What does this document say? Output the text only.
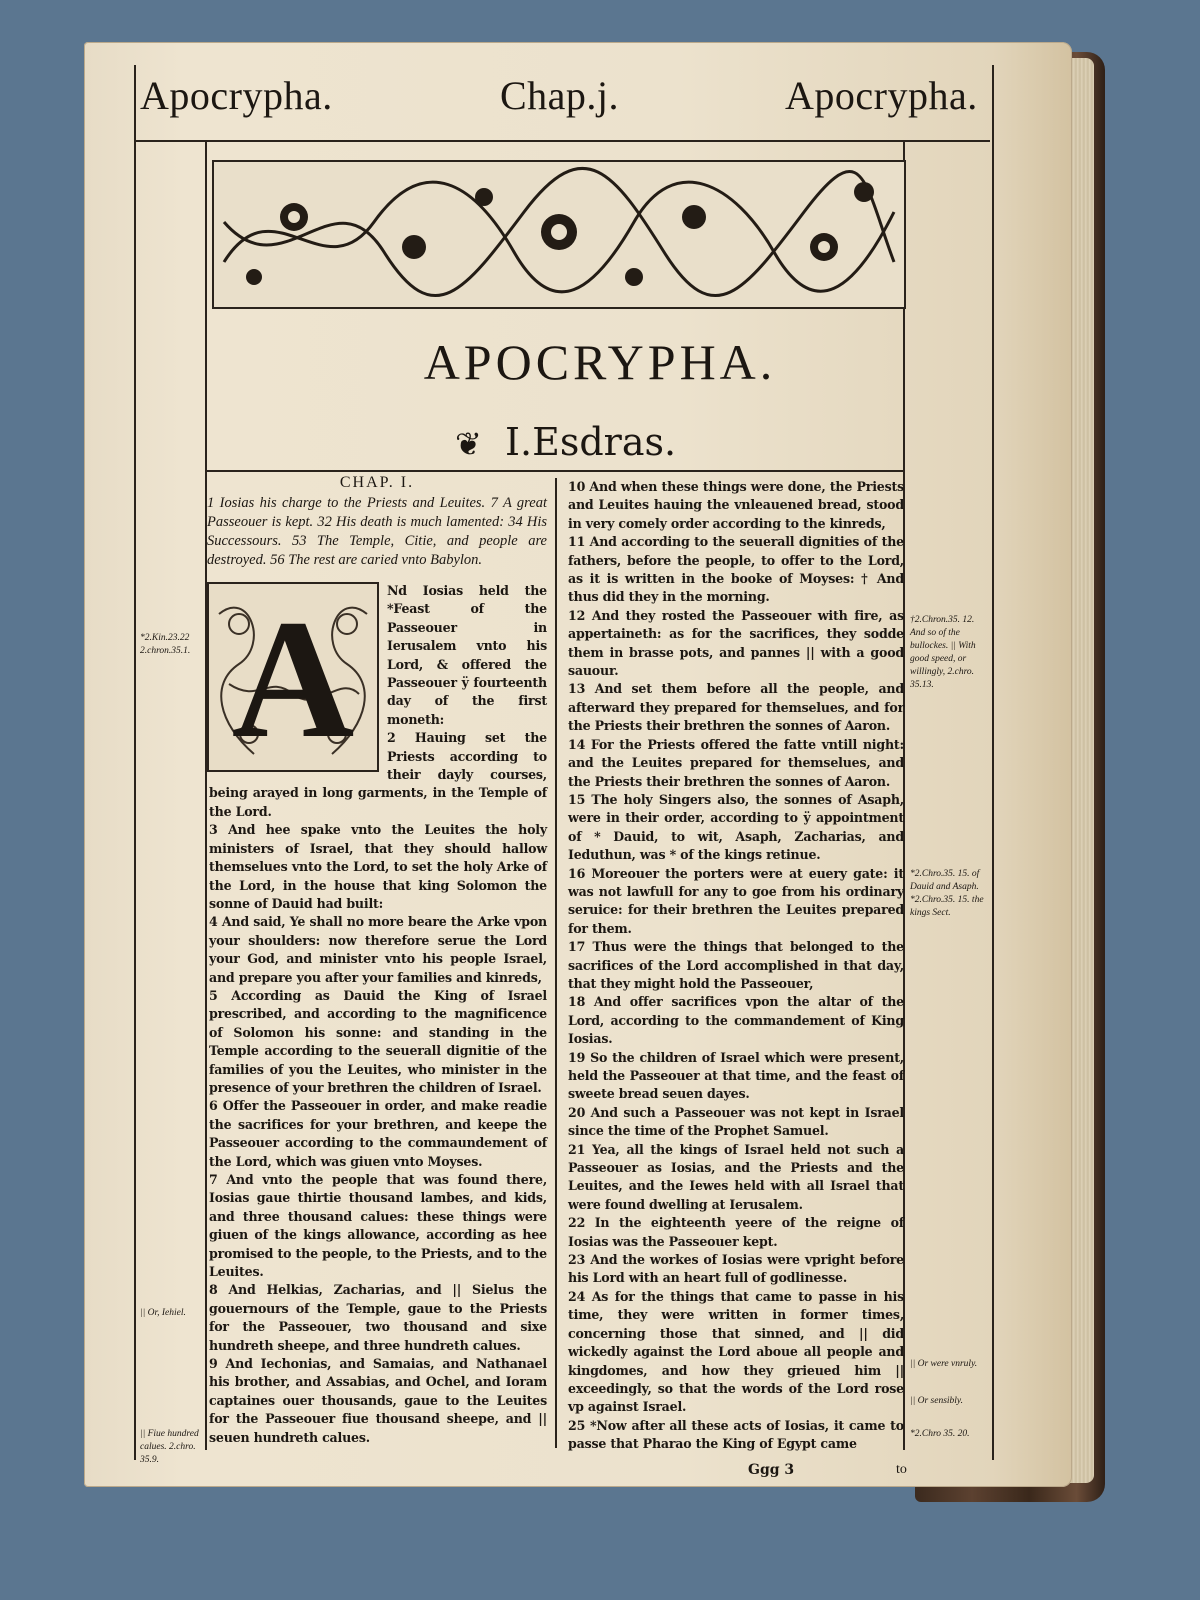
Apocrypha.	Chap.j.	Apocrypha.
APOCRYPHA.
❦ I.Esdras.
CHAP. I.

1 Iosias his charge to the Priests and Leuites. 7 A great Passeouer is kept. 32 His death is much lamented: 34 His Successours. 53 The Temple, Citie, and people are destroyed. 56 The rest are caried vnto Babylon.

A	Nd Iosias held the *Feast of the Passeouer in Ierusalem vnto his Lord, & offered the Passeouer ÿ fourteenth day of the first moneth:

2 Hauing set the Priests according to their dayly courses, being arayed in long garments, in the Temple of the Lord.

3 And hee spake vnto the Leuites the holy ministers of Israel, that they should hallow themselues vnto the Lord, to set the holy Arke of the Lord, in the house that king Solomon the sonne of Dauid had built:

4 And said, Ye shall no more beare the Arke vpon your shoulders: now therefore serue the Lord your God, and minister vnto his people Israel, and prepare you after your families and kinreds,

5 According as Dauid the King of Israel prescribed, and according to the magnificence of Solomon his sonne: and standing in the Temple according to the seuerall dignitie of the families of you the Leuites, who minister in the presence of your brethren the children of Israel.

6 Offer the Passeouer in order, and make readie the sacrifices for your brethren, and keepe the Passeouer according to the commaundement of the Lord, which was giuen vnto Moyses.

7 And vnto the people that was found there, Iosias gaue thirtie thousand lambes, and kids, and three thousand calues: these things were giuen of the kings allowance, according as hee promised to the people, to the Priests, and to the Leuites.

8 And Helkias, Zacharias, and || Sielus the gouernours of the Temple, gaue to the Priests for the Passeouer, two thousand and sixe hundreth sheepe, and three hundreth calues.

9 And Iechonias, and Samaias, and Nathanael his brother, and Assabias, and Ochel, and Ioram captaines ouer thousands, gaue to the Leuites for the Passeouer fiue thousand sheepe, and || seuen hundreth calues.

10 And when these things were done, the Priests and Leuites hauing the vnleauened bread, stood in very comely order according to the kinreds,

11 And according to the seuerall dignities of the fathers, before the people, to offer to the Lord, as it is written in the booke of Moyses: † And thus did they in the morning.

12 And they rosted the Passeouer with fire, as appertaineth: as for the sacrifices, they sodde them in brasse pots, and pannes || with a good sauour.

13 And set them before all the people, and afterward they prepared for themselues, and for the Priests their brethren the sonnes of Aaron.

14 For the Priests offered the fatte vntill night: and the Leuites prepared for themselues, and the Priests their brethren the sonnes of Aaron.

15 The holy Singers also, the sonnes of Asaph, were in their order, according to ÿ appointment of * Dauid, to wit, Asaph, Zacharias, and Ieduthun, was * of the kings retinue.

16 Moreouer the porters were at euery gate: it was not lawfull for any to goe from his ordinary seruice: for their brethren the Leuites prepared for them.

17 Thus were the things that belonged to the sacrifices of the Lord accomplished in that day, that they might hold the Passeouer,

18 And offer sacrifices vpon the altar of the Lord, according to the commandement of King Iosias.

19 So the children of Israel which were present, held the Passeouer at that time, and the feast of sweete bread seuen dayes.

20 And such a Passeouer was not kept in Israel since the time of the Prophet Samuel.

21 Yea, all the kings of Israel held not such a Passeouer as Iosias, and the Priests and the Leuites, and the Iewes held with all Israel that were found dwelling at Ierusalem.

22 In the eighteenth yeere of the reigne of Iosias was the Passeouer kept.

23 And the workes of Iosias were vpright before his Lord with an heart full of godlinesse.

24 As for the things that came to passe in his time, they were written in former times, concerning those that sinned, and || did wickedly against the Lord aboue all people and kingdomes, and how they grieued him || exceedingly, so that the words of the Lord rose vp against Israel.

25 *Now after all these acts of Iosias, it came to passe that Pharao the King of Egypt came

*2.Kin.23.22 2.chron.35.1.
|| Or, Iehiel.
|| Fiue hundred calues. 2.chro. 35.9.
†2.Chron.35. 12. And so of the bullockes. || With good speed, or willingly, 2.chro. 35.13.
*2.Chro.35. 15. of Dauid and Asaph. *2.Chro.35. 15. the kings Sect.
|| Or were vnruly.
|| Or sensibly.
*2.Chro 35. 20.
Ggg 3	to
